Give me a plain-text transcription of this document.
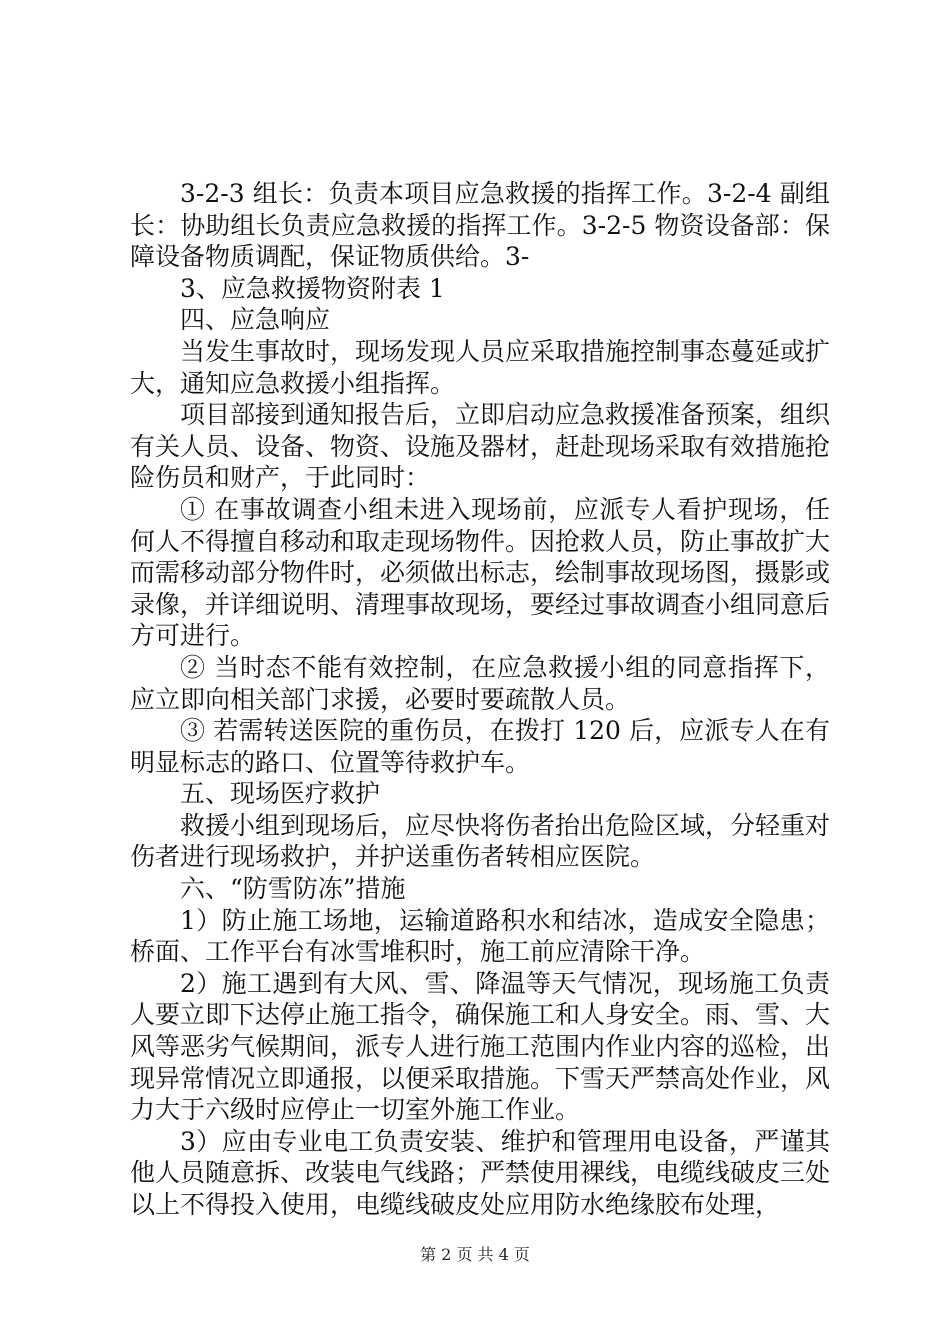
3-2-3 组长：负责本项目应急救援的指挥工作。3-2-4 副组长：协助组长负责应急救援的指挥工作。3-2-5 物资设备部：保障设备物质调配，保证物质供给。3-

3、应急救援物资附表 1

四、应急响应

当发生事故时，现场发现人员应采取措施控制事态蔓延或扩大，通知应急救援小组指挥。

项目部接到通知报告后，立即启动应急救援准备预案，组织有关人员、设备、物资、设施及器材，赶赴现场采取有效措施抢险伤员和财产，于此同时：

① 在事故调查小组未进入现场前，应派专人看护现场，任何人不得擅自移动和取走现场物件。因抢救人员，防止事故扩大而需移动部分物件时，必须做出标志，绘制事故现场图，摄影或录像，并详细说明、清理事故现场，要经过事故调查小组同意后方可进行。

② 当时态不能有效控制，在应急救援小组的同意指挥下，应立即向相关部门求援，必要时要疏散人员。

③ 若需转送医院的重伤员，在拨打 120 后，应派专人在有明显标志的路口、位置等待救护车。

五、现场医疗救护

救援小组到现场后，应尽快将伤者抬出危险区域，分轻重对伤者进行现场救护，并护送重伤者转相应医院。

六、“防雪防冻”措施

1）防止施工场地，运输道路积水和结冰，造成安全隐患；桥面、工作平台有冰雪堆积时，施工前应清除干净。

2）施工遇到有大风、雪、降温等天气情况，现场施工负责人要立即下达停止施工指令，确保施工和人身安全。雨、雪、大风等恶劣气候期间，派专人进行施工范围内作业内容的巡检，出现异常情况立即通报，以便采取措施。下雪天严禁高处作业，风力大于六级时应停止一切室外施工作业。

3）应由专业电工负责安装、维护和管理用电设备，严谨其他人员随意拆、改装电气线路；严禁使用裸线，电缆线破皮三处以上不得投入使用，电缆线破皮处应用防水绝缘胶布处理，

第 2 页 共 4 页
